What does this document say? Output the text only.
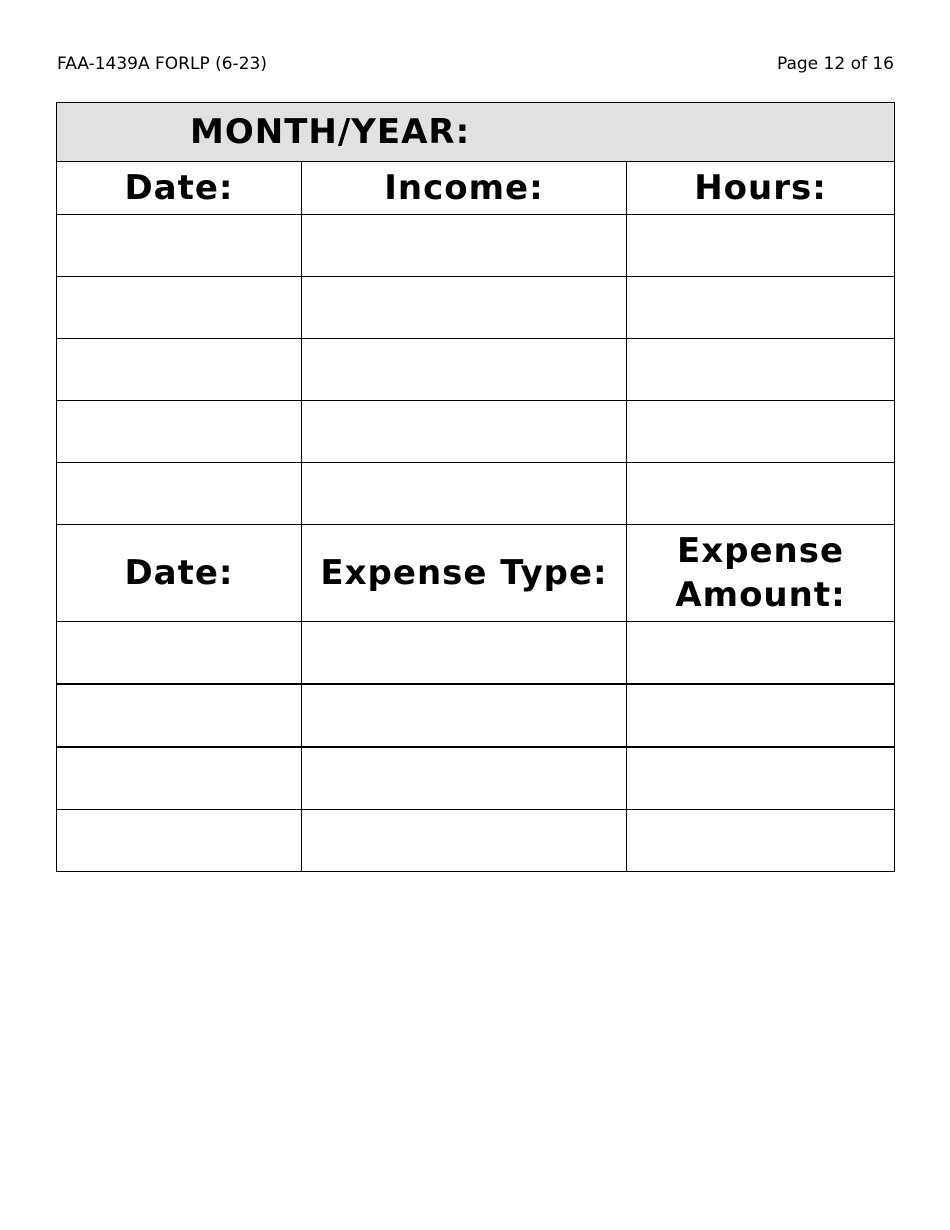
FAA-1439A FORLP (6-23)	Page 12 of 16
MONTH/YEAR:		
Date:	Income:	Hours:

Date:	Expense Type:	Expense Amount:
